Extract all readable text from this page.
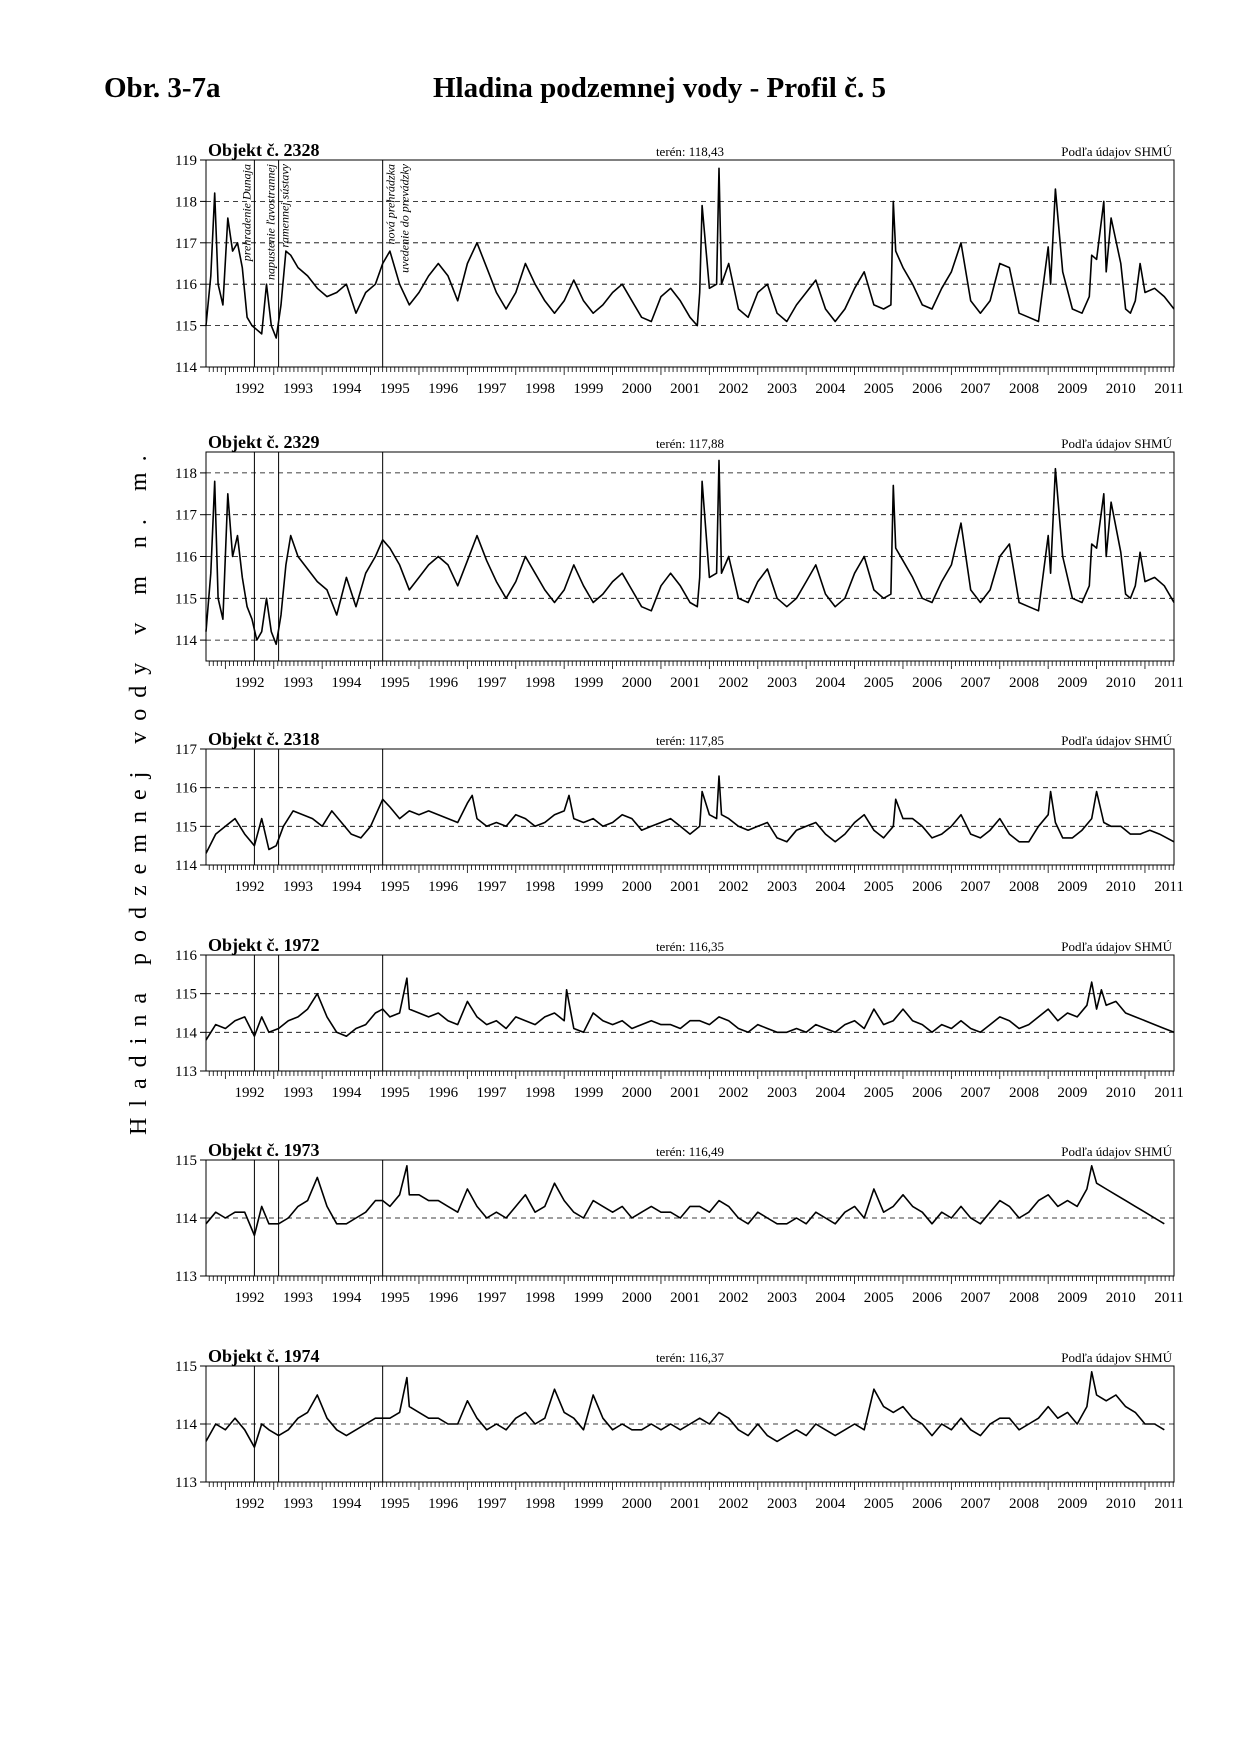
Obr. 3-7a	Hladina podzemnej vody - Profil č. 5
Hladina podzemnej vody v m n. m.
114
115
116
117
118
119
1992 1993 1994 1995 1996 1997 1998 1999 2000 2001 2002 2003 2004 2005 2006 2007 2008 2009 2010 2011
prehradenie Dunaja napustenie ľavostrannej ramennej sústavy	nová prehrádzka uvedenie do prevádzky
Objekt č. 2328	terén: 118,43	Podľa údajov SHMÚ
114
115
116
117
118
1992 1993 1994 1995 1996 1997 1998 1999 2000 2001 2002 2003 2004 2005 2006 2007 2008 2009 2010 2011
Objekt č. 2329	terén: 117,88	Podľa údajov SHMÚ
114
115
116
117
1992 1993 1994 1995 1996 1997 1998 1999 2000 2001 2002 2003 2004 2005 2006 2007 2008 2009 2010 2011
Objekt č. 2318	terén: 117,85	Podľa údajov SHMÚ
113
114
115
116
1992 1993 1994 1995 1996 1997 1998 1999 2000 2001 2002 2003 2004 2005 2006 2007 2008 2009 2010 2011
Objekt č. 1972	terén: 116,35	Podľa údajov SHMÚ
113
114
115
1992 1993 1994 1995 1996 1997 1998 1999 2000 2001 2002 2003 2004 2005 2006 2007 2008 2009 2010 2011
Objekt č. 1973	terén: 116,49	Podľa údajov SHMÚ
113
114
115
1992 1993 1994 1995 1996 1997 1998 1999 2000 2001 2002 2003 2004 2005 2006 2007 2008 2009 2010 2011
Objekt č. 1974	terén: 116,37	Podľa údajov SHMÚ
